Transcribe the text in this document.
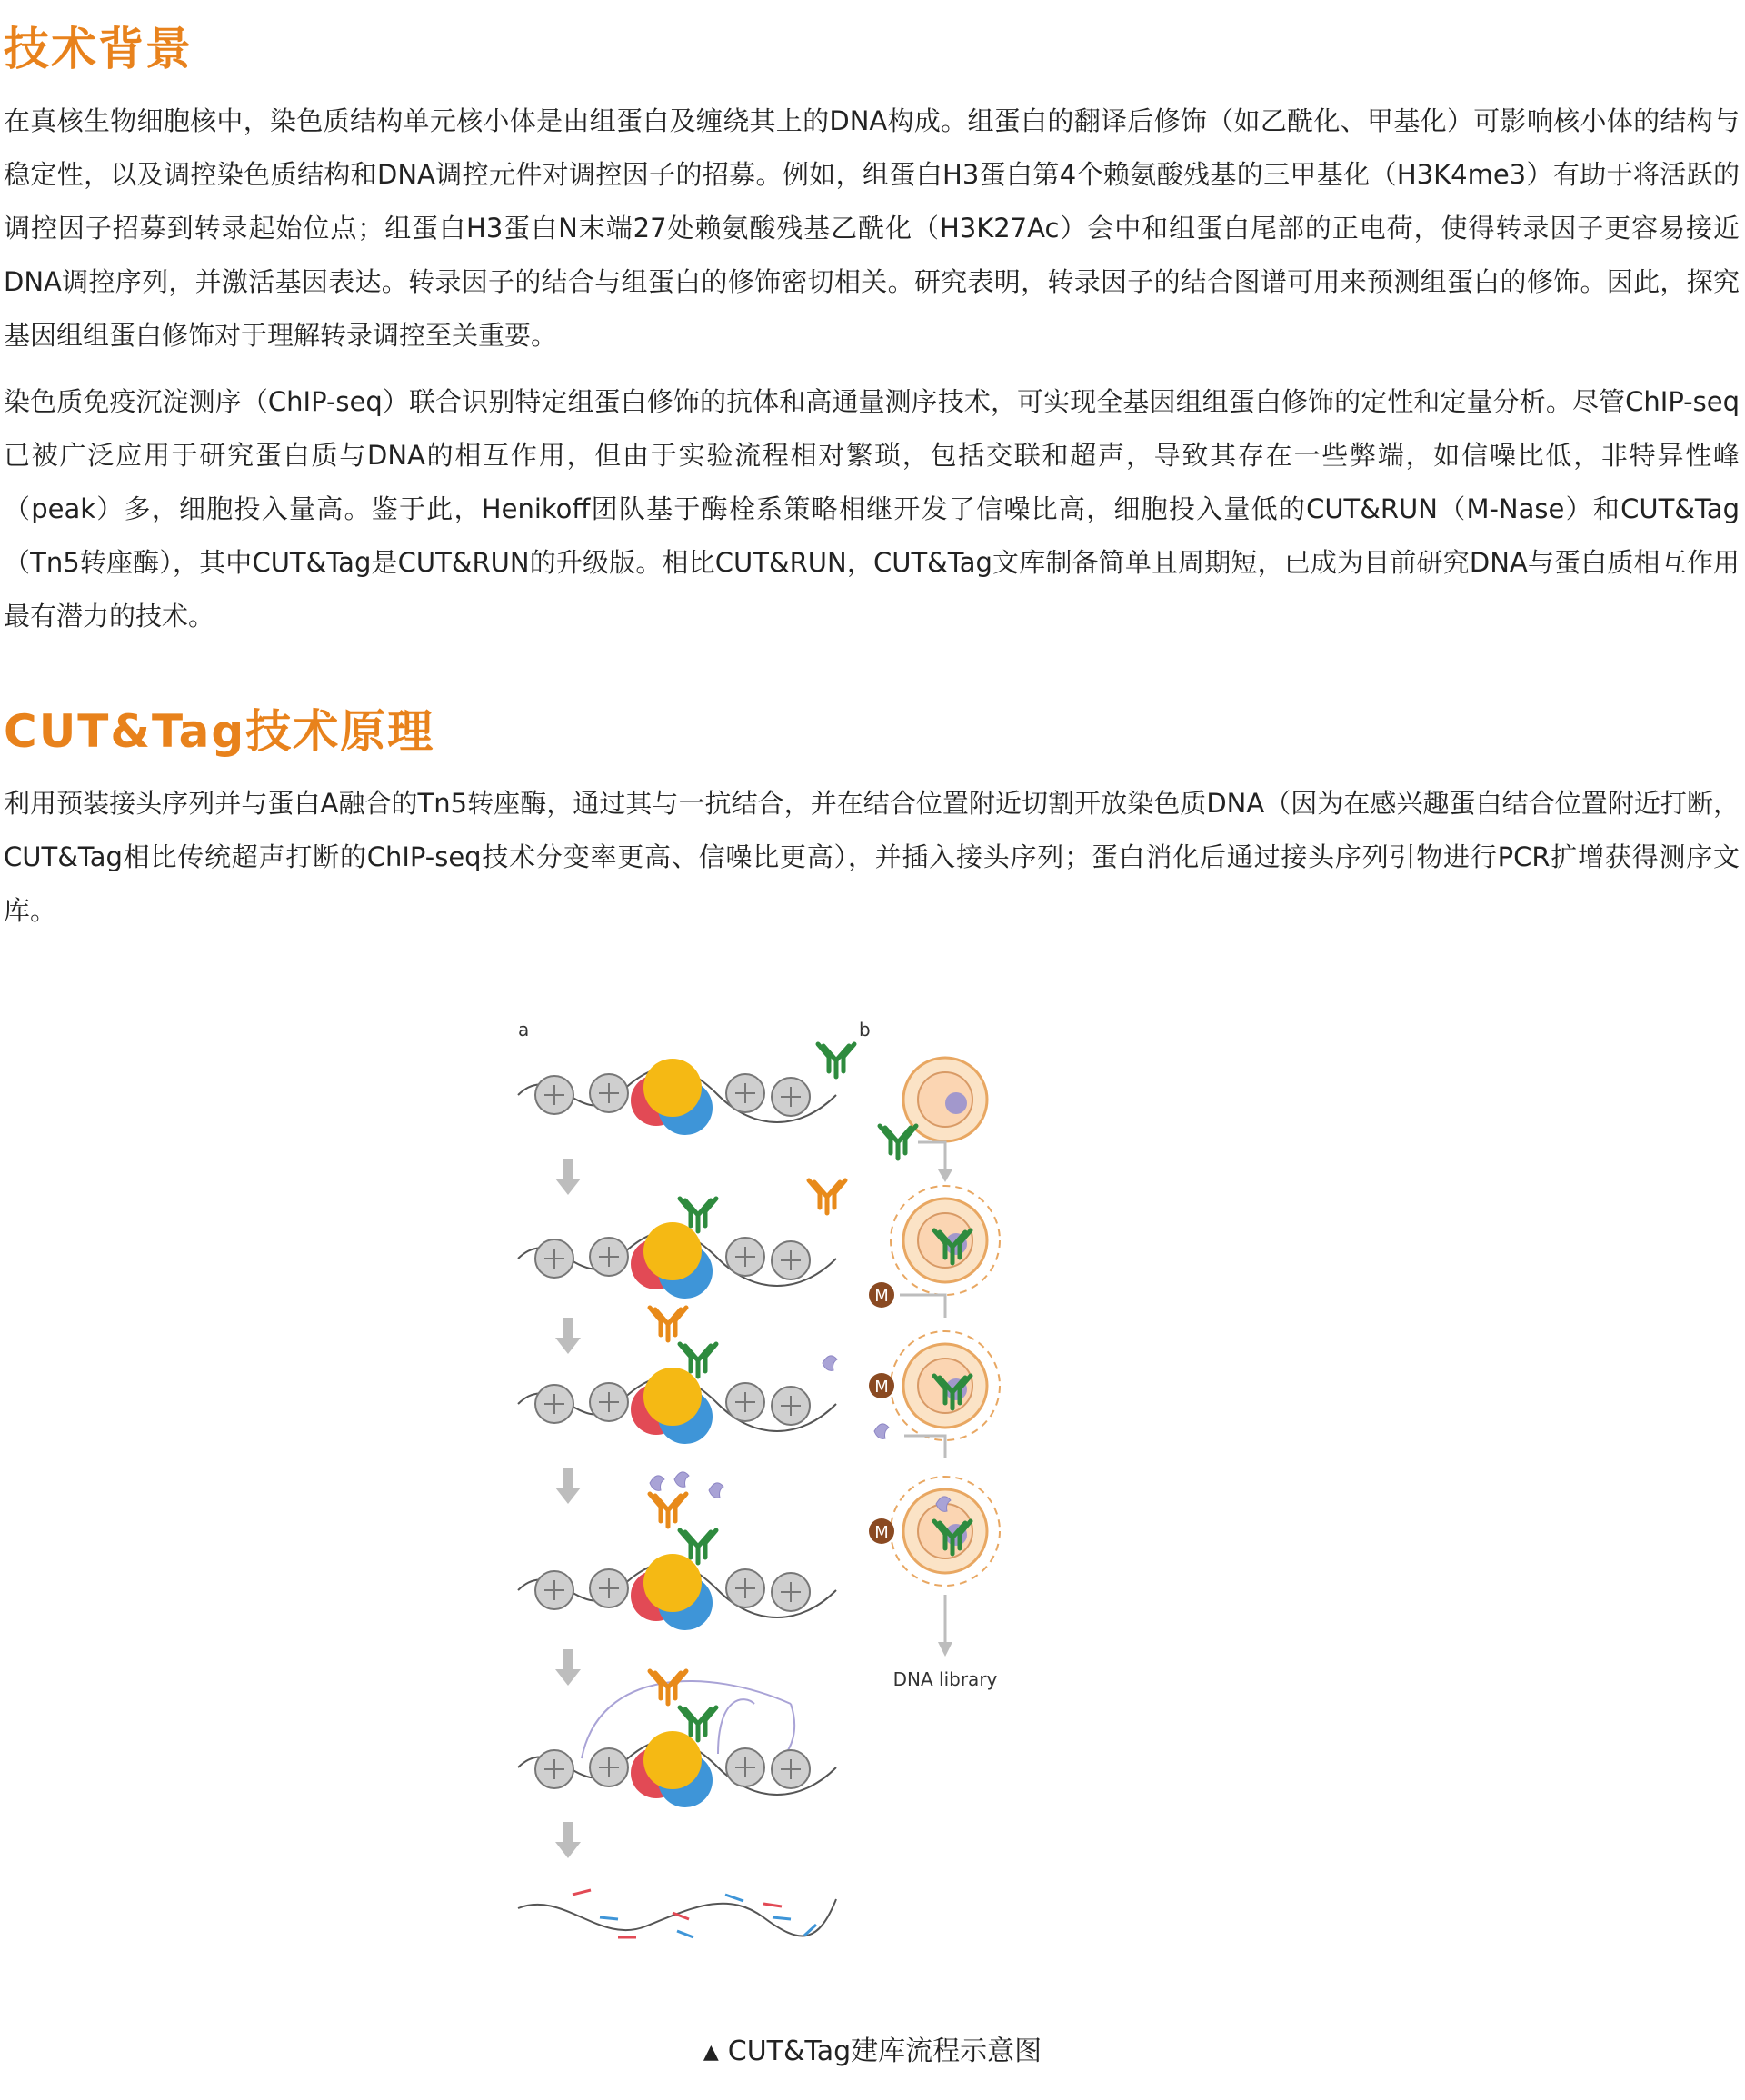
技术背景

在真核生物细胞核中，染色质结构单元核小体是由组蛋白及缠绕其上的DNA构成。组蛋白的翻译后修饰（如乙酰化、甲基化）可影响核小体的结构与稳定性，以及调控染色质结构和DNA调控元件对调控因子的招募。例如，组蛋白H3蛋白第4个赖氨酸残基的三甲基化（H3K4me3）有助于将活跃的调控因子招募到转录起始位点；组蛋白H3蛋白N末端27处赖氨酸残基乙酰化（H3K27Ac）会中和组蛋白尾部的正电荷，使得转录因子更容易接近DNA调控序列，并激活基因表达。转录因子的结合与组蛋白的修饰密切相关。研究表明，转录因子的结合图谱可用来预测组蛋白的修饰。因此，探究基因组组蛋白修饰对于理解转录调控至关重要。

染色质免疫沉淀测序（ChIP-seq）联合识别特定组蛋白修饰的抗体和高通量测序技术，可实现全基因组组蛋白修饰的定性和定量分析。尽管ChIP-seq已被广泛应用于研究蛋白质与DNA的相互作用，但由于实验流程相对繁琐，包括交联和超声，导致其存在一些弊端，如信噪比低，非特异性峰（peak）多，细胞投入量高。鉴于此，Henikoff团队基于酶栓系策略相继开发了信噪比高，细胞投入量低的CUT&RUN（M-Nase）和CUT&Tag（Tn5转座酶），其中CUT&Tag是CUT&RUN的升级版。相比CUT&RUN，CUT&Tag文库制备简单且周期短，已成为目前研究DNA与蛋白质相互作用最有潜力的技术。

CUT&Tag技术原理

利用预装接头序列并与蛋白A融合的Tn5转座酶，通过其与一抗结合，并在结合位置附近切割开放染色质DNA（因为在感兴趣蛋白结合位置附近打断，CUT&Tag相比传统超声打断的ChIP-seq技术分变率更高、信噪比更高），并插入接头序列；蛋白消化后通过接头序列引物进行PCR扩增获得测序文库。

a	b
M
M
M
DNA library
▲ CUT&Tag建库流程示意图
